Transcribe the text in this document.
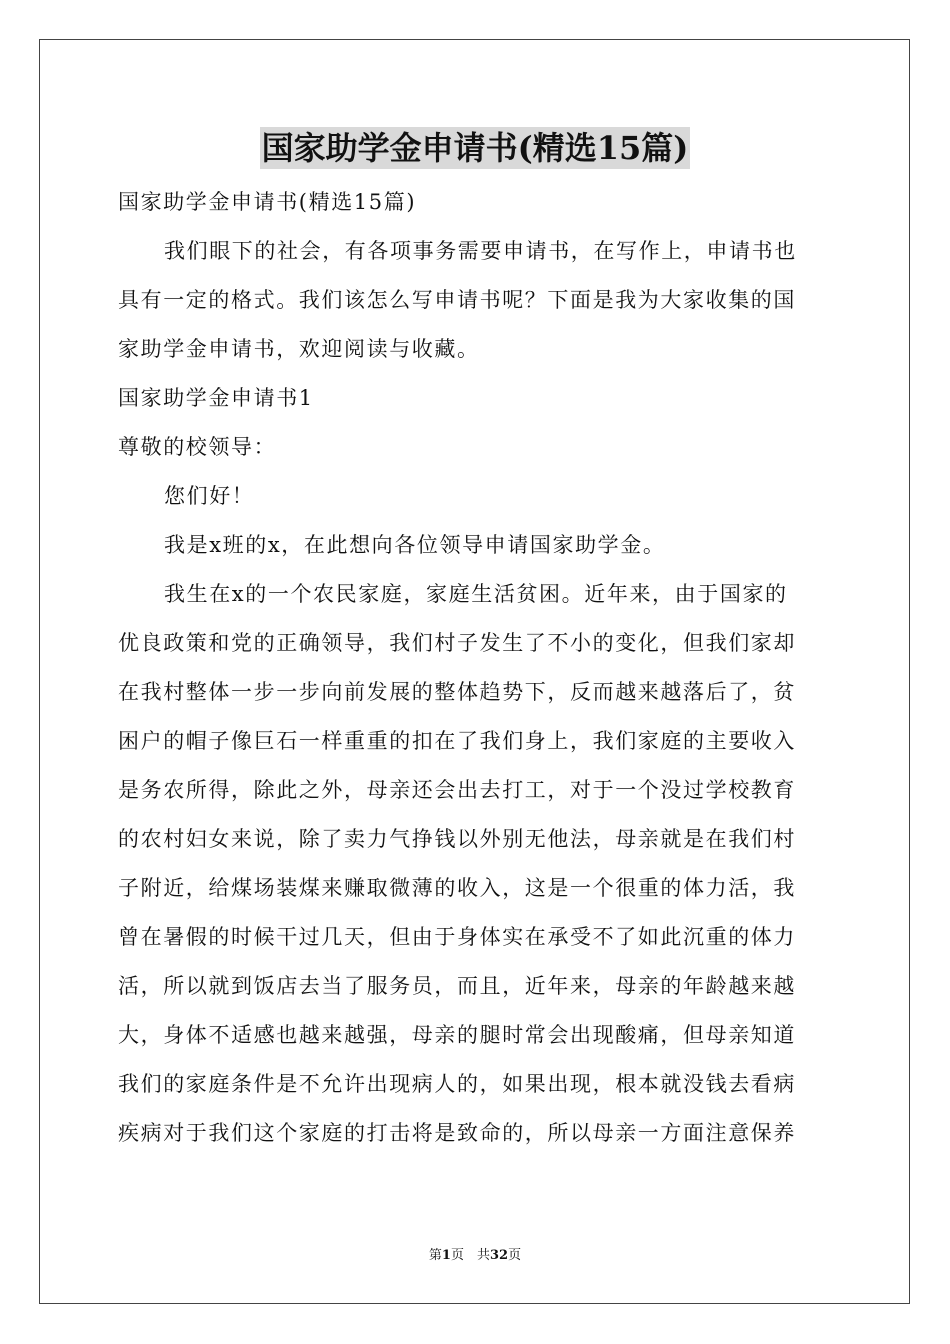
国家助学金申请书(精选15篇)

国家助学金申请书(精选15篇)

我们眼下的社会，有各项事务需要申请书，在写作上，申请书也

具有一定的格式。我们该怎么写申请书呢？下面是我为大家收集的国

家助学金申请书，欢迎阅读与收藏。

国家助学金申请书1

尊敬的校领导：

您们好！

我是x班的x，在此想向各位领导申请国家助学金。

我生在x的一个农民家庭，家庭生活贫困。近年来，由于国家的

优良政策和党的正确领导，我们村子发生了不小的变化，但我们家却

在我村整体一步一步向前发展的整体趋势下，反而越来越落后了，贫

困户的帽子像巨石一样重重的扣在了我们身上，我们家庭的主要收入

是务农所得，除此之外，母亲还会出去打工，对于一个没过学校教育

的农村妇女来说，除了卖力气挣钱以外别无他法，母亲就是在我们村

子附近，给煤场装煤来赚取微薄的收入，这是一个很重的体力活，我

曾在暑假的时候干过几天，但由于身体实在承受不了如此沉重的体力

活，所以就到饭店去当了服务员，而且，近年来，母亲的年龄越来越

大，身体不适感也越来越强，母亲的腿时常会出现酸痛，但母亲知道

我们的家庭条件是不允许出现病人的，如果出现，根本就没钱去看病

疾病对于我们这个家庭的打击将是致命的，所以母亲一方面注意保养

第1页　共32页
